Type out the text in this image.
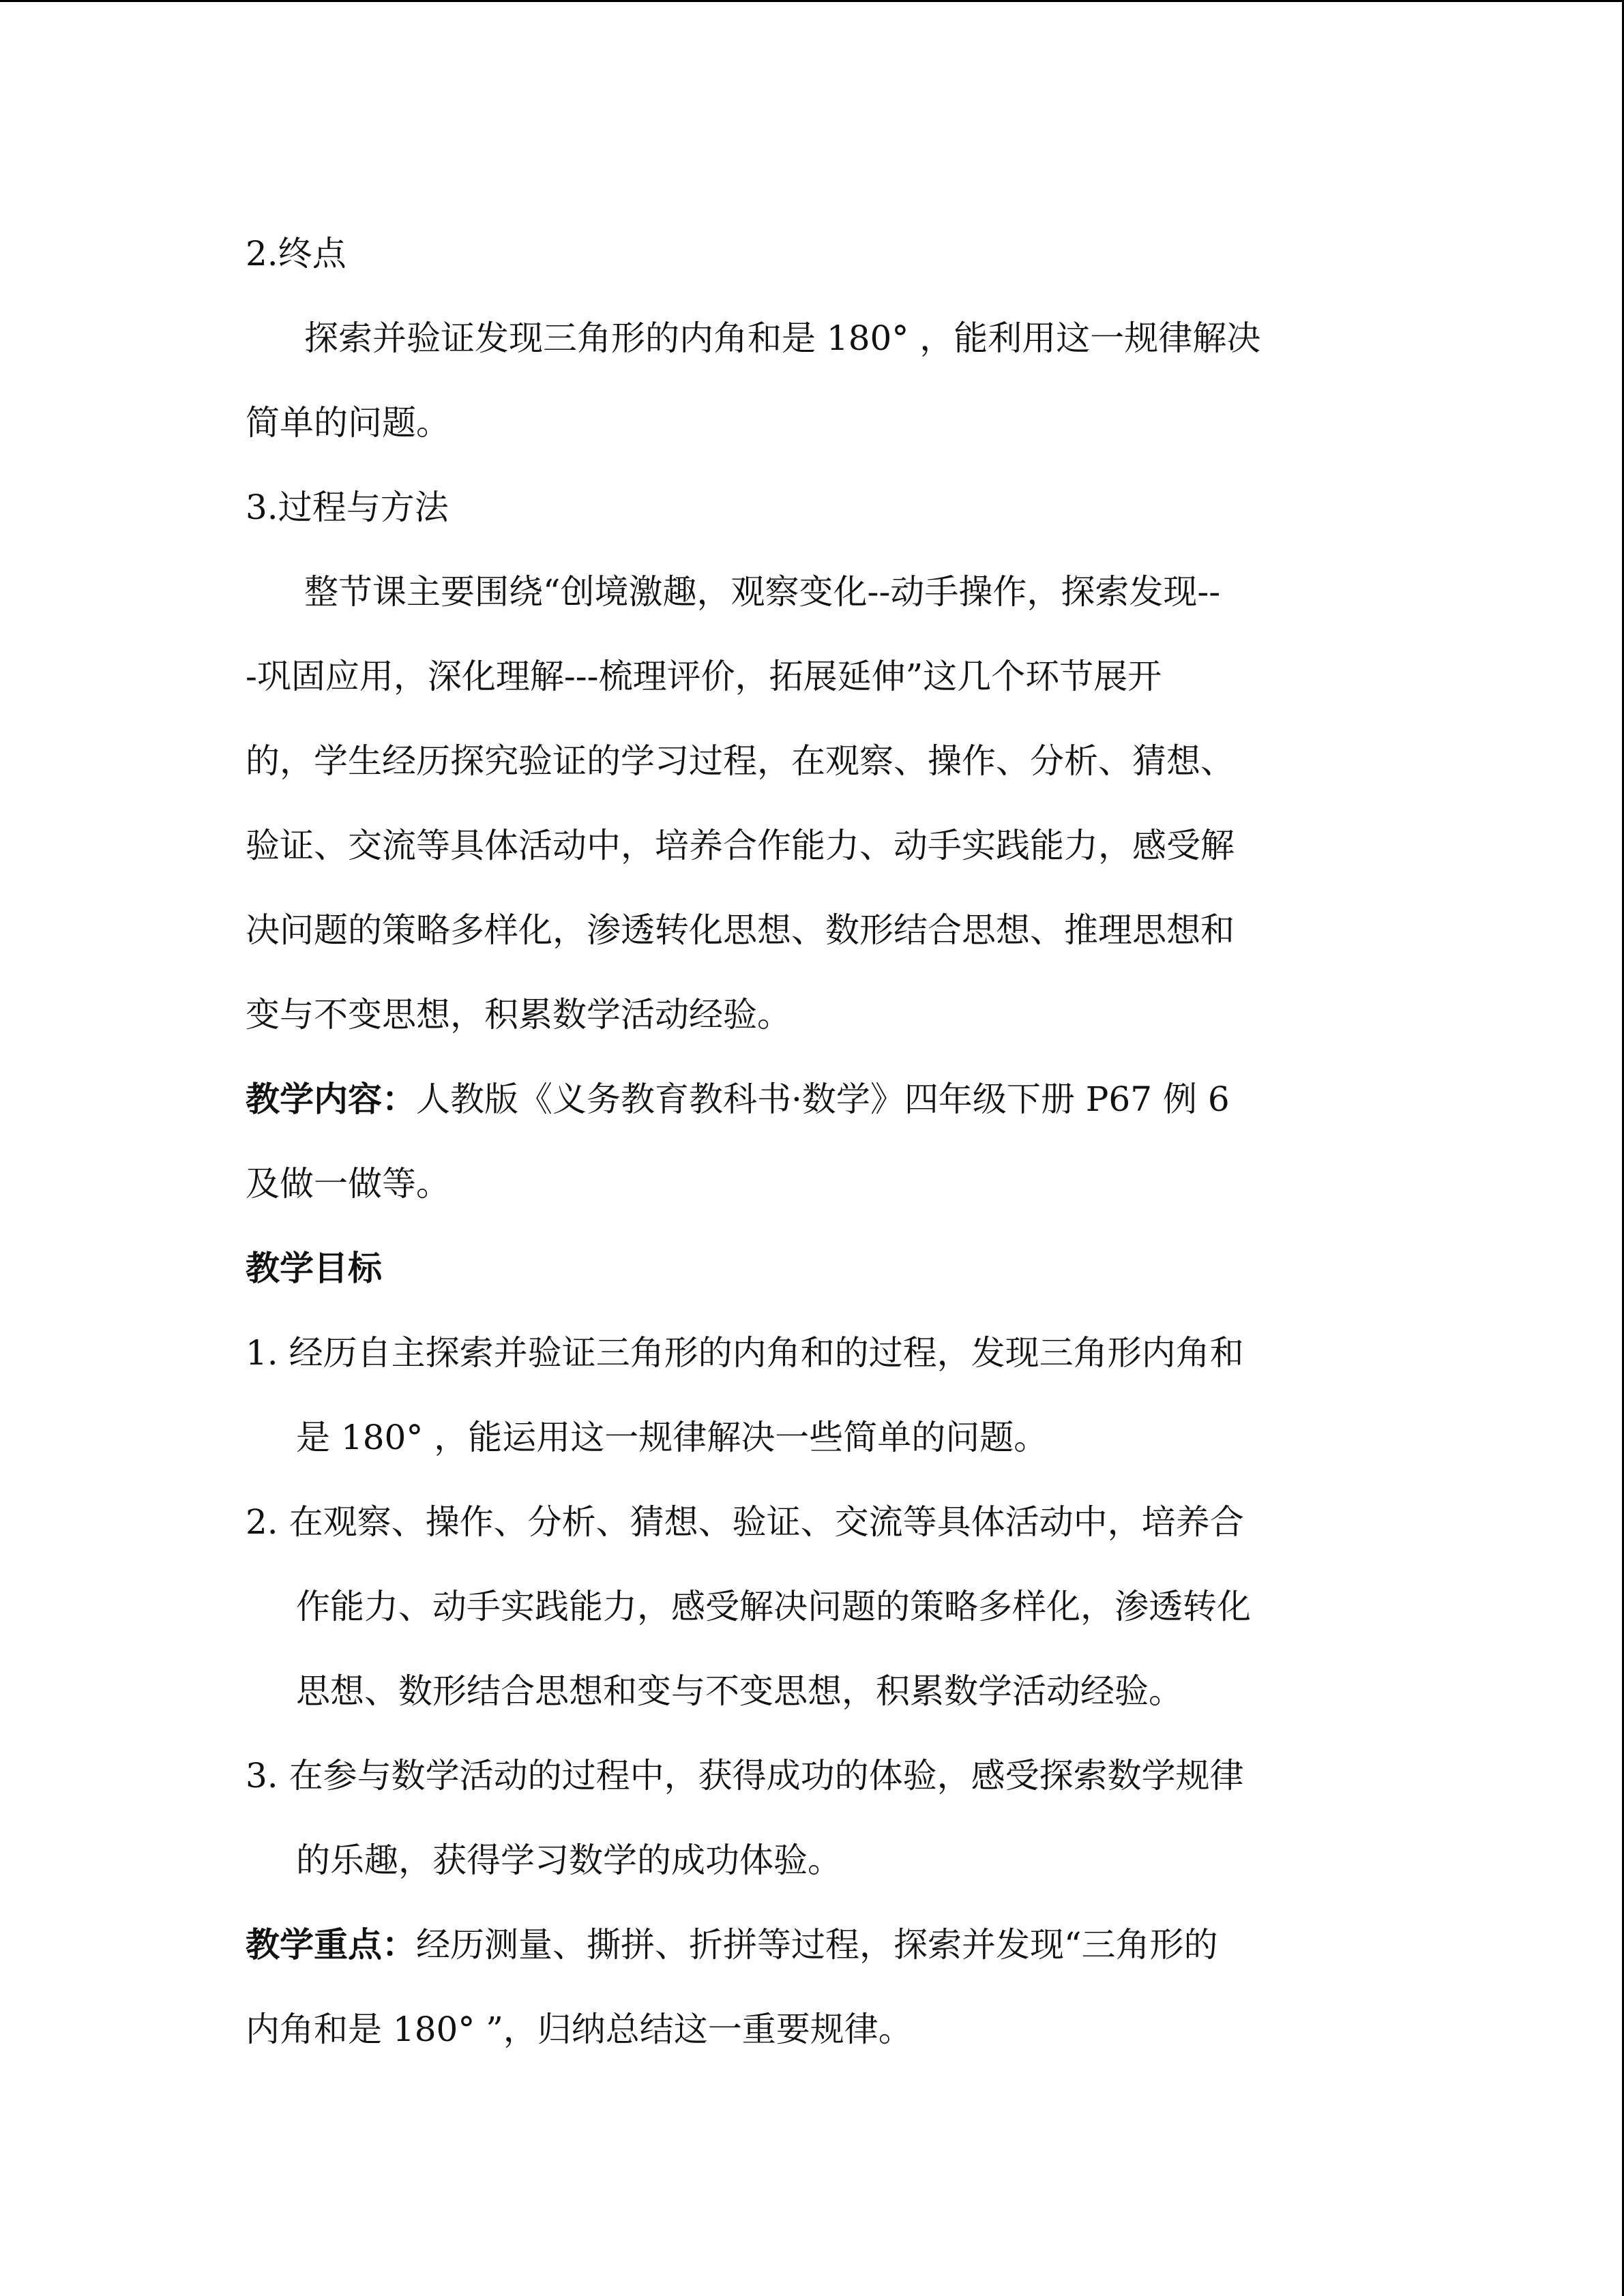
2.终点
探索并验证发现三角形的内角和是 180° ，能利用这一规律解决
简单的问题。
3.过程与方法
整节课主要围绕“创境激趣，观察变化--动手操作，探索发现--
-巩固应用，深化理解---梳理评价，拓展延伸”这几个环节展开
的，学生经历探究验证的学习过程，在观察、操作、分析、猜想、
验证、交流等具体活动中，培养合作能力、动手实践能力，感受解
决问题的策略多样化，渗透转化思想、数形结合思想、推理思想和
变与不变思想，积累数学活动经验。
教学内容：人教版《义务教育教科书·数学》四年级下册 P67 例 6
及做一做等。
教学目标
1. 经历自主探索并验证三角形的内角和的过程，发现三角形内角和
是 180° ，能运用这一规律解决一些简单的问题。
2. 在观察、操作、分析、猜想、验证、交流等具体活动中，培养合
作能力、动手实践能力，感受解决问题的策略多样化，渗透转化
思想、数形结合思想和变与不变思想，积累数学活动经验。
3. 在参与数学活动的过程中，获得成功的体验，感受探索数学规律
的乐趣，获得学习数学的成功体验。
教学重点：经历测量、撕拼、折拼等过程，探索并发现“三角形的
内角和是 180° ”，归纳总结这一重要规律。
